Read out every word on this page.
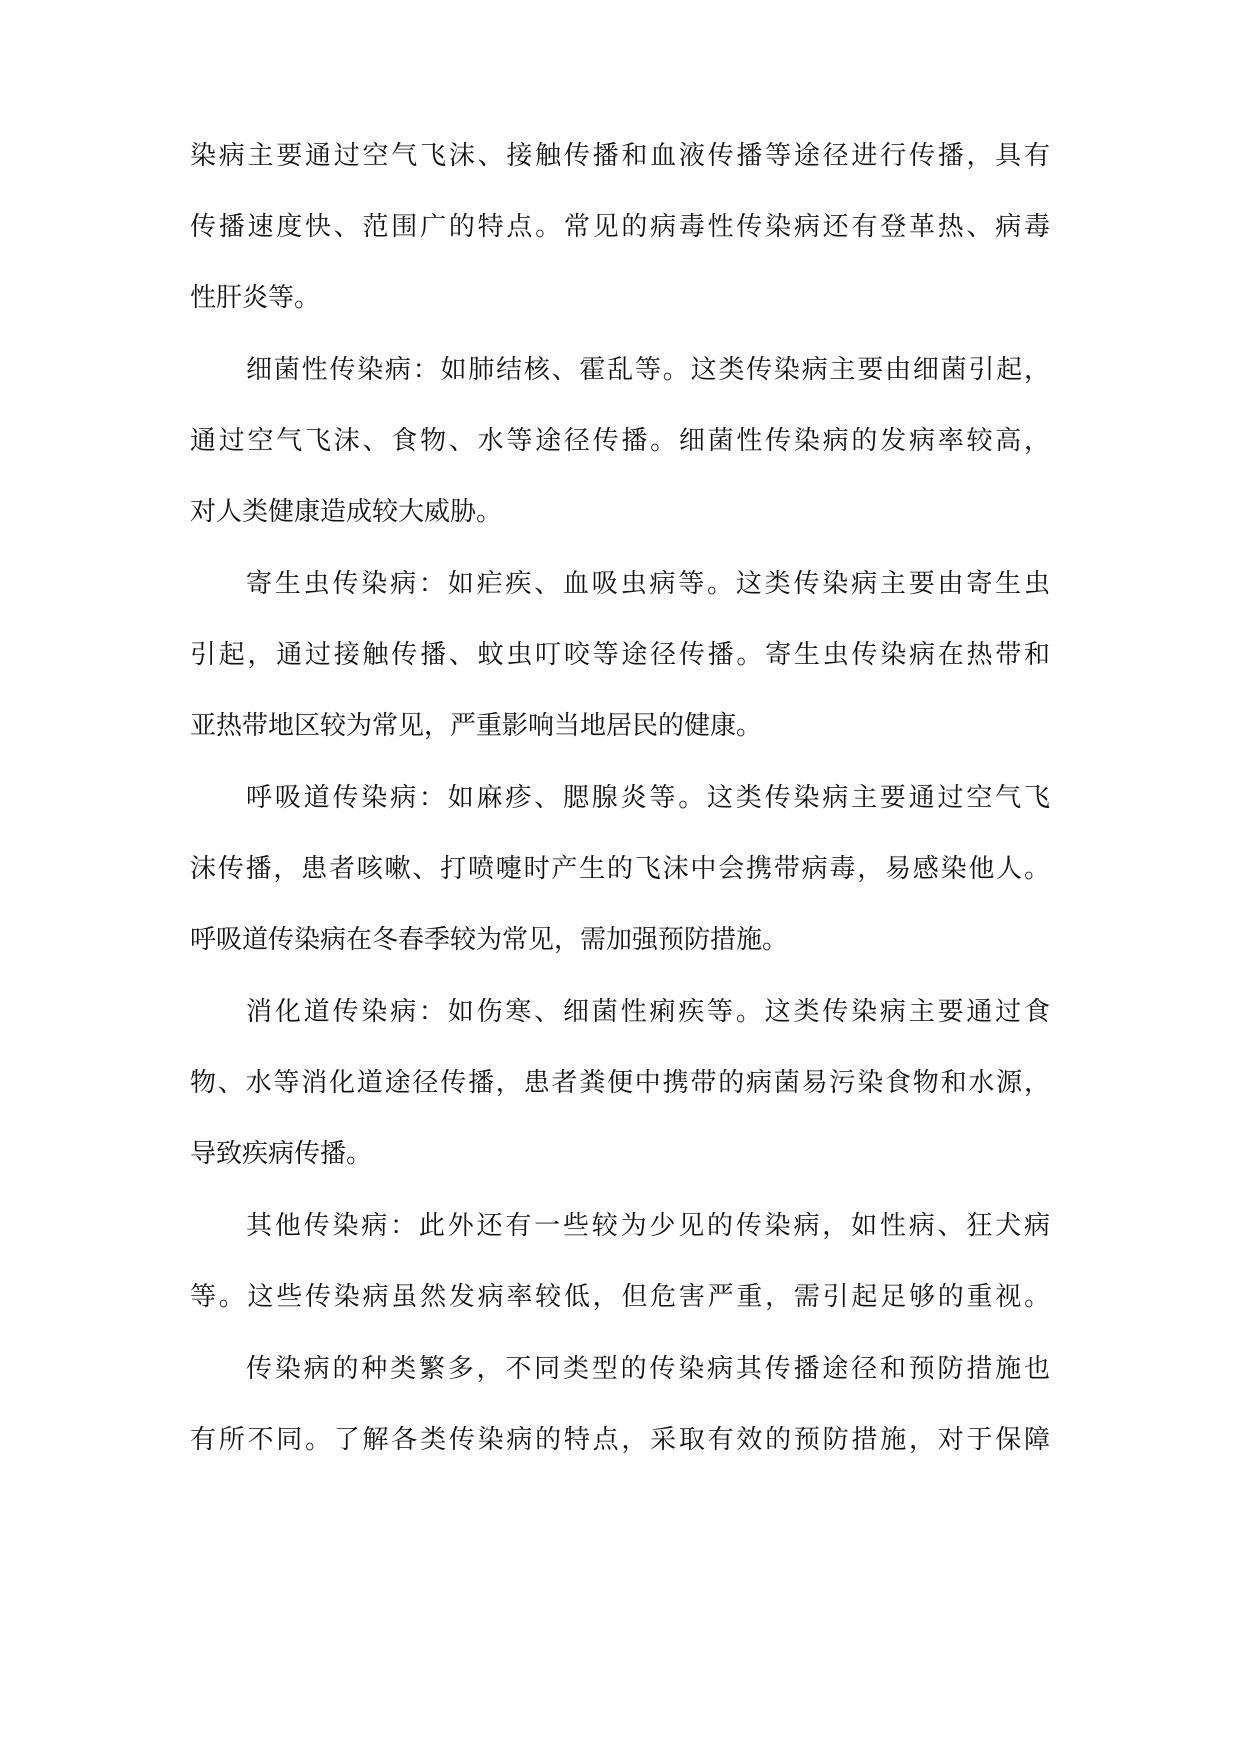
染病主要通过空气飞沫、接触传播和血液传播等途径进行传播，具有
传播速度快、范围广的特点。常见的病毒性传染病还有登革热、病毒
性肝炎等。
细菌性传染病：如肺结核、霍乱等。这类传染病主要由细菌引起，
通过空气飞沫、食物、水等途径传播。细菌性传染病的发病率较高，
对人类健康造成较大威胁。
寄生虫传染病：如疟疾、血吸虫病等。这类传染病主要由寄生虫
引起，通过接触传播、蚊虫叮咬等途径传播。寄生虫传染病在热带和
亚热带地区较为常见，严重影响当地居民的健康。
呼吸道传染病：如麻疹、腮腺炎等。这类传染病主要通过空气飞
沫传播，患者咳嗽、打喷嚏时产生的飞沫中会携带病毒，易感染他人。
呼吸道传染病在冬春季较为常见，需加强预防措施。
消化道传染病：如伤寒、细菌性痢疾等。这类传染病主要通过食
物、水等消化道途径传播，患者粪便中携带的病菌易污染食物和水源，
导致疾病传播。
其他传染病：此外还有一些较为少见的传染病，如性病、狂犬病
等。这些传染病虽然发病率较低，但危害严重，需引起足够的重视。
传染病的种类繁多，不同类型的传染病其传播途径和预防措施也
有所不同。了解各类传染病的特点，采取有效的预防措施，对于保障
